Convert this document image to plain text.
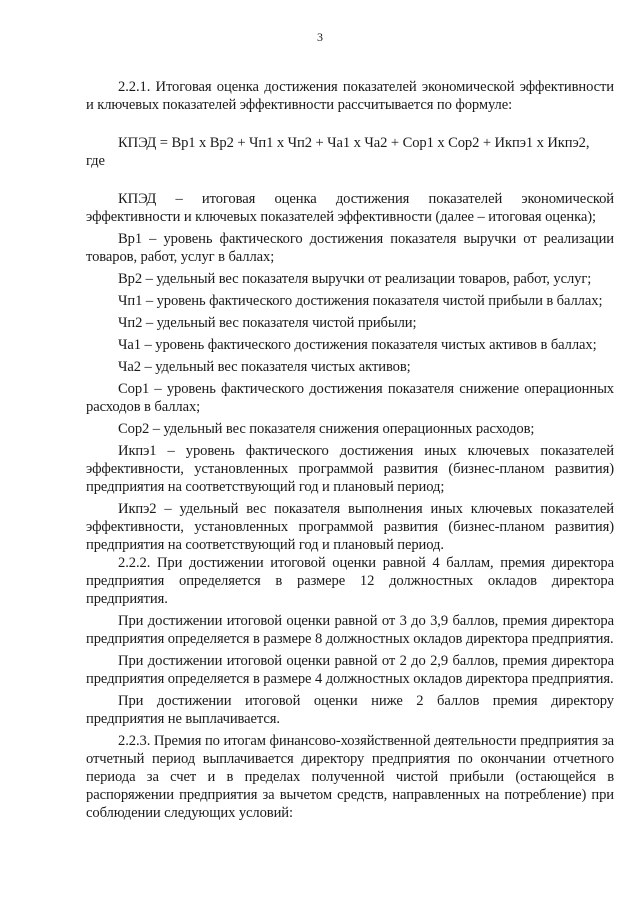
3

2.2.1. Итоговая оценка достижения показателей экономической эффективности и ключевых показателей эффективности рассчитывается по формуле:

КПЭД = Вр1 х Вр2 + Чп1 х Чп2 + Ча1 х Ча2 + Сор1 х Сор2 + Икпэ1 х Икпэ2,

где

КПЭД – итоговая оценка достижения показателей экономической эффективности и ключевых показателей эффективности (далее – итоговая оценка);

Вр1 – уровень фактического достижения показателя выручки от реализации товаров, работ, услуг в баллах;

Вр2 – удельный вес показателя выручки от реализации товаров, работ, услуг;

Чп1 – уровень фактического достижения показателя чистой прибыли в баллах;

Чп2 – удельный вес показателя чистой прибыли;

Ча1 – уровень фактического достижения показателя чистых активов в баллах;

Ча2 – удельный вес показателя чистых активов;

Сор1 – уровень фактического достижения показателя снижение операционных расходов в баллах;

Сор2 – удельный вес показателя снижения операционных расходов;

Икпэ1 – уровень фактического достижения иных ключевых показателей эффективности, установленных программой развития (бизнес-планом развития) предприятия на соответствующий год и плановый период;

Икпэ2 – удельный вес показателя выполнения иных ключевых показателей эффективности, установленных программой развития (бизнес-планом развития) предприятия на соответствующий год и плановый период.

2.2.2. При достижении итоговой оценки равной 4 баллам, премия директора предприятия определяется в размере 12 должностных окладов директора предприятия.

При достижении итоговой оценки равной от 3 до 3,9 баллов, премия директора предприятия определяется в размере 8 должностных окладов директора предприятия.

При достижении итоговой оценки равной от 2 до 2,9 баллов, премия директора предприятия определяется в размере 4 должностных окладов директора предприятия.

При достижении итоговой оценки ниже 2 баллов премия директору предприятия не выплачивается.

2.2.3. Премия по итогам финансово-хозяйственной деятельности предприятия за отчетный период выплачивается директору предприятия по окончании отчетного периода за счет и в пределах полученной чистой прибыли (остающейся в распоряжении предприятия за вычетом средств, направленных на потребление) при соблюдении следующих условий:
